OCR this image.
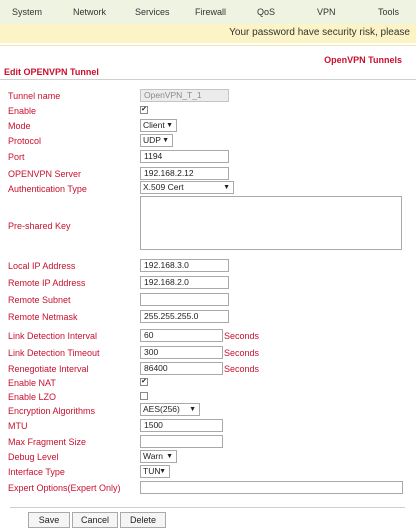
System	Network	Services	Firewall	QoS	VPN	Tools
Your password have security risk, please
OpenVPN Tunnels
Edit OPENVPN Tunnel
Tunnel name	OpenVPN_T_1
Enable	✔
Mode	Client ▼
Protocol	UDP ▼
Port	1194
OPENVPN Server	192.168.2.12
Authentication Type	X.509 Cert	▼
Pre-shared Key
Local IP Address	192.168.3.0
Remote IP Address	192.168.2.0
Remote Subnet
Remote Netmask	255.255.255.0
Link Detection Interval	60	Seconds
Link Detection Timeout	300	Seconds
Renegotiate Interval	86400	Seconds
Enable NAT	✔
Enable LZO
Encryption Algorithms	AES(256) ▼
MTU	1500
Max Fragment Size
Debug Level	Warn ▼
Interface Type	TUN
▼
Expert Options(Expert Only)
Save	Cancel	Delete
